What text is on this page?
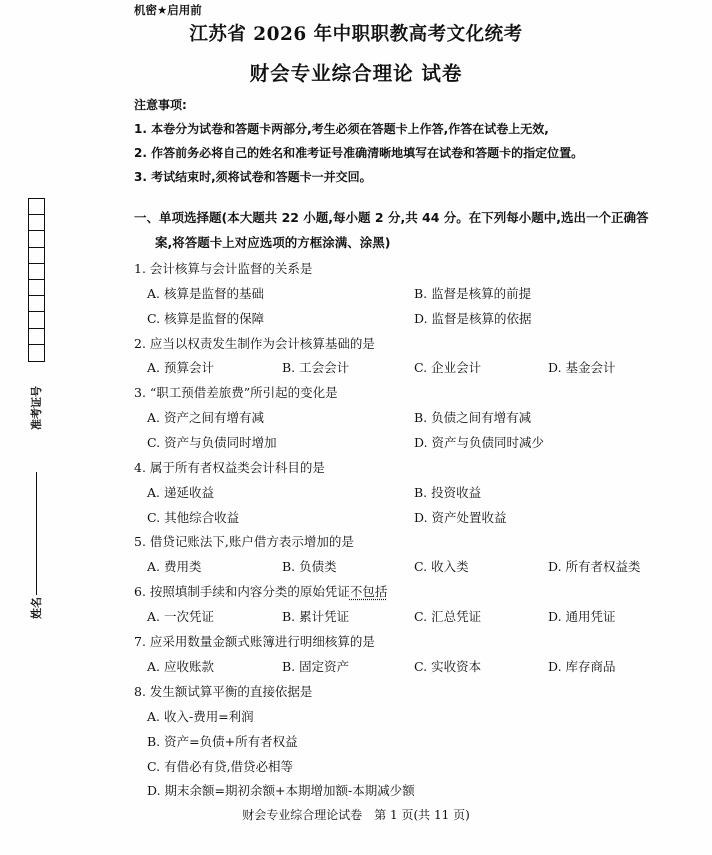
机密★启用前
江苏省 2026 年中职职教高考文化统考
财会专业综合理论 试卷
注意事项:
1. 本卷分为试卷和答题卡两部分,考生必须在答题卡上作答,作答在试卷上无效,
2. 作答前务必将自己的姓名和准考证号准确清晰地填写在试卷和答题卡的指定位置。
3. 考试结束时,须将试卷和答题卡一并交回。
准考证号
姓名
一、单项选择题(本大题共 22 小题,每小题 2 分,共 44 分。在下列每小题中,选出一个正确答
案,将答题卡上对应选项的方框涂满、涂黑)
1. 会计核算与会计监督的关系是
A. 核算是监督的基础	B. 监督是核算的前提
C. 核算是监督的保障	D. 监督是核算的依据
2. 应当以权责发生制作为会计核算基础的是
A. 预算会计	B. 工会会计	C. 企业会计	D. 基金会计
3. “职工预借差旅费”所引起的变化是
A. 资产之间有增有减	B. 负债之间有增有减
C. 资产与负债同时增加	D. 资产与负债同时减少
4. 属于所有者权益类会计科目的是
A. 递延收益	B. 投资收益
C. 其他综合收益	D. 资产处置收益
5. 借贷记账法下,账户借方表示增加的是
A. 费用类	B. 负债类	C. 收入类	D. 所有者权益类
6. 按照填制手续和内容分类的原始凭证不包括
A. 一次凭证	B. 累计凭证	C. 汇总凭证	D. 通用凭证
7. 应采用数量金额式账簿进行明细核算的是
A. 应收账款	B. 固定资产	C. 实收资本	D. 库存商品
8. 发生额试算平衡的直接依据是
A. 收入-费用=利润
B. 资产=负债+所有者权益
C. 有借必有贷,借贷必相等
D. 期末余额=期初余额+本期增加额-本期减少额
财会专业综合理论试卷　第 1 页(共 11 页)
